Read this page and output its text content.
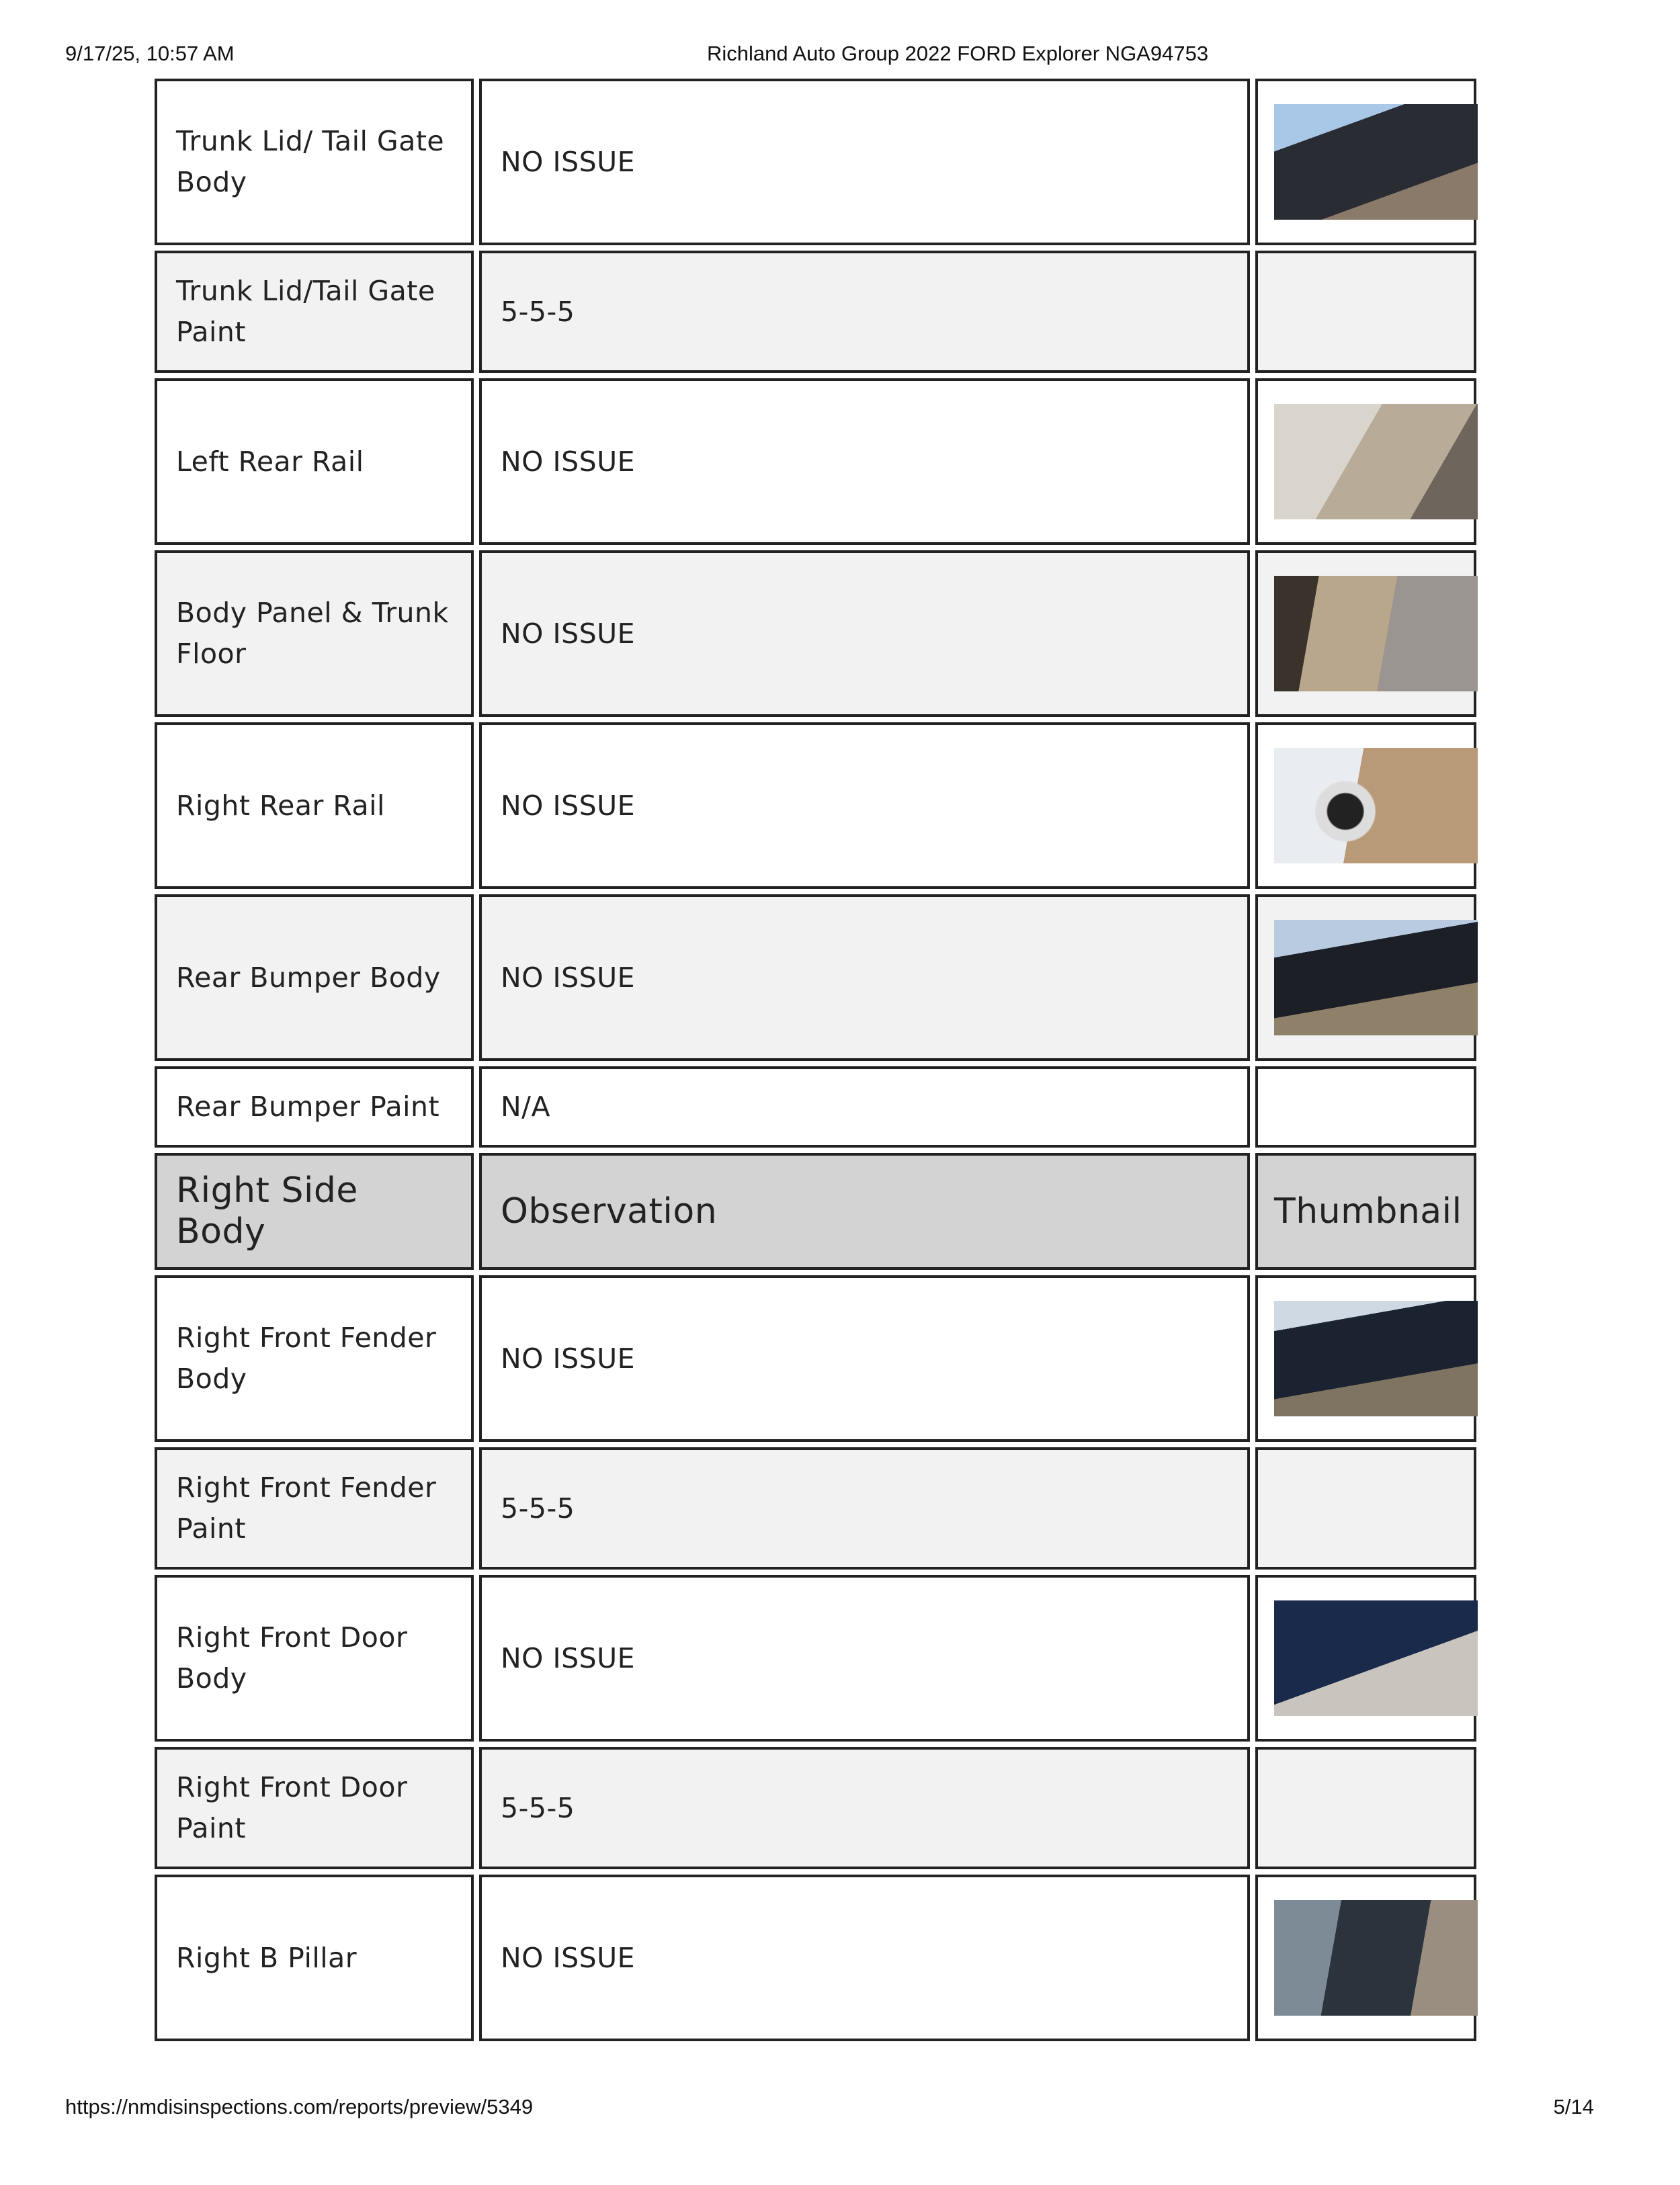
9/17/25, 10:57 AM	Richland Auto Group 2022 FORD Explorer NGA94753
Trunk Lid/ Tail Gate Body	NO ISSUE	

Trunk Lid/Tail Gate Paint	5-5-5	
Left Rear Rail	NO ISSUE	

Body Panel & Trunk Floor	NO ISSUE	

Right Rear Rail	NO ISSUE	

Rear Bumper Body	NO ISSUE	

Rear Bumper Paint	N/A	
Right Side Body	Observation	Thumbnail
Right Front Fender Body	NO ISSUE	

Right Front Fender Paint	5-5-5	
Right Front Door Body	NO ISSUE	

Right Front Door Paint	5-5-5	
Right B Pillar	NO ISSUE	
https://nmdisinspections.com/reports/preview/5349	5/14
